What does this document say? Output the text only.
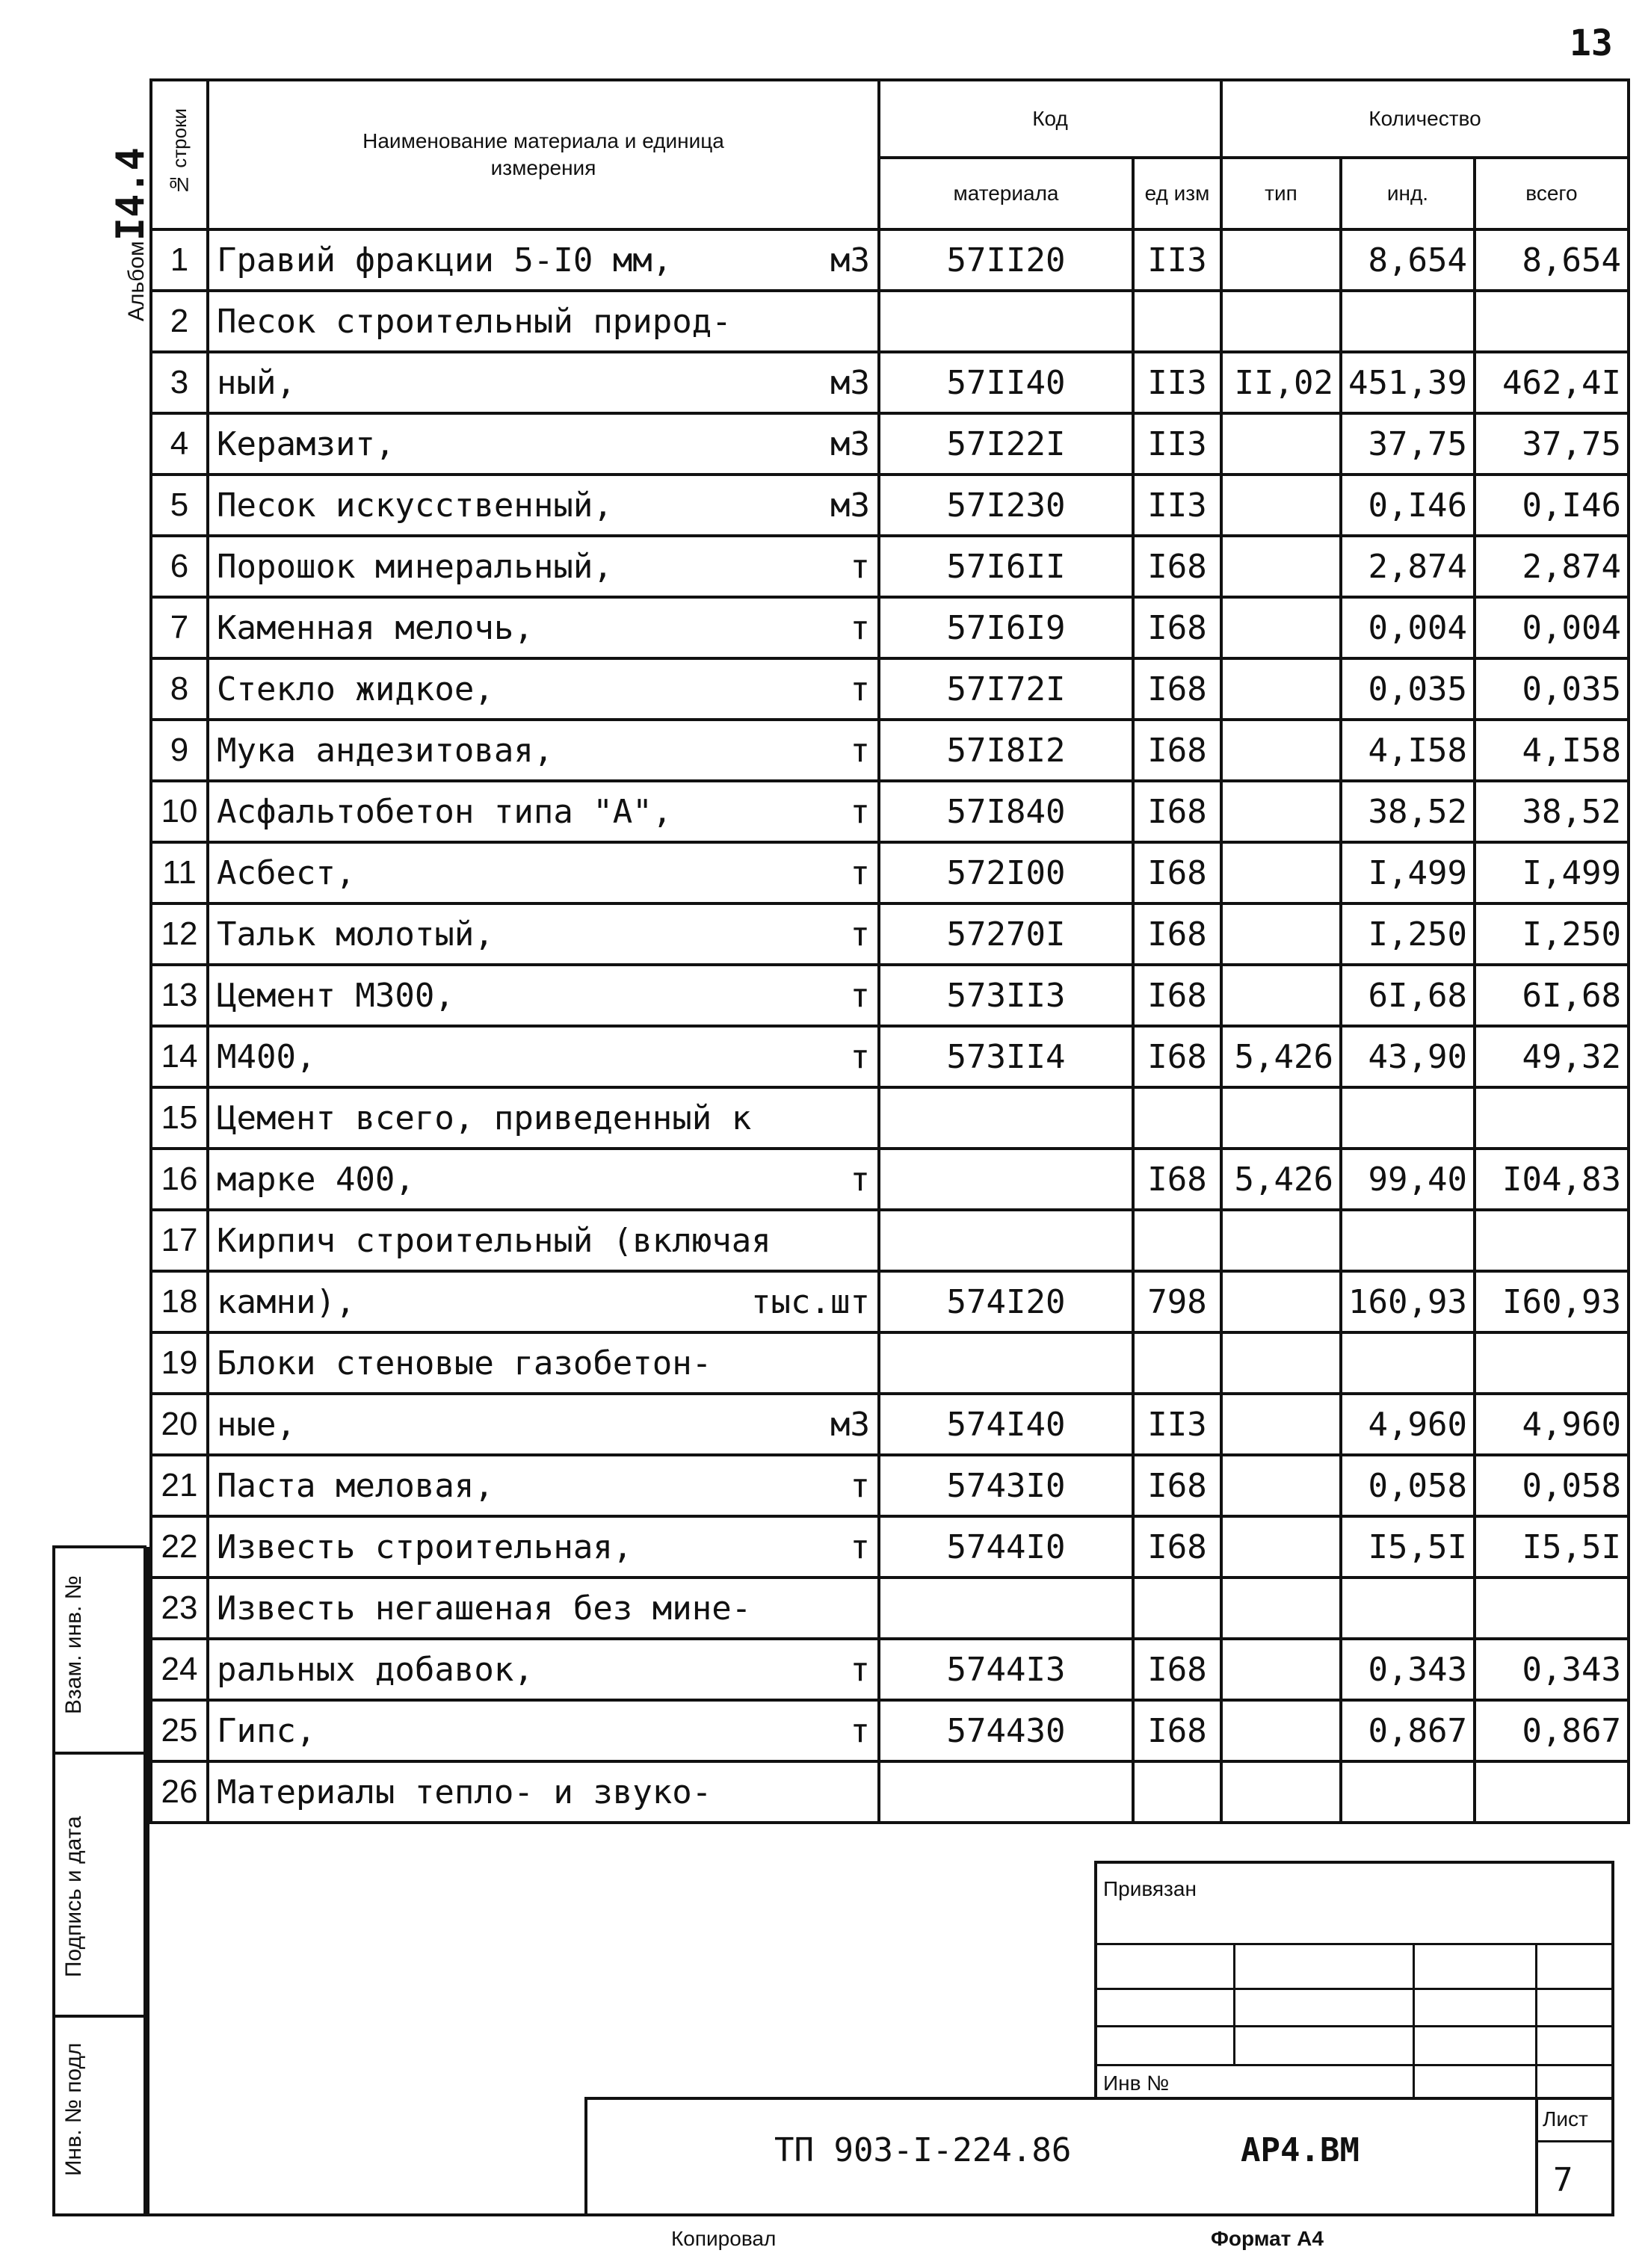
13
АльбомI4.4 № строки	Наименование материала и единица измерения	Код		Количество		
		материала	ед изм	тип	инд.	всего
1	Гравий фракции 5-I0 мм, м3	57II20	II3		8,654	8,654
2	Песок строительный природ-					

3	ный, м3	57II40	II3	II,02	451,39	462,4I
4	Керамзит, м3	57I22I	II3		37,75	37,75
5	Песок искусственный, м3	57I230	II3		0,I46	0,I46
6	Порошок минеральный, т	57I6II	I68		2,874	2,874
7	Каменная мелочь, т	57I6I9	I68		0,004	0,004
8	Стекло жидкое, т	57I72I	I68		0,035	0,035
9	Мука андезитовая, т	57I8I2	I68		4,I58	4,I58
10	Асфальтобетон типа "А", т	57I840	I68		38,52	38,52
11	Асбест, т	572I00	I68		I,499	I,499
12	Тальк молотый, т	57270I	I68		I,250	I,250
13	Цемент М300, т	573II3	I68		6I,68	6I,68
14	М400, т	573II4	I68	5,426	43,90	49,32
15	Цемент всего, приведенный к					

16	марке 400, т		I68	5,426	99,40	I04,83
17	Кирпич строительный (включая					

18	камни), тыс.шт	574I20	798		160,93	I60,93
19	Блоки стеновые газобетон-					

20	ные, м3	574I40	II3		4,960	4,960
21	Паста меловая, т	5743I0	I68		0,058	0,058
22	Известь строительная, т	5744I0	I68		I5,5I	I5,5I
23	Известь негашеная без мине-					

24	ральных добавок, т	5744I3	I68		0,343	0,343
25	Гипс, т	574430	I68		0,867	0,867
26	Материалы тепло- и звуко-					

Взам. инв. №
Подпись и дата
Инв. № подл
Привязан
Инв №
ТП 903-I-224.86	АР4.ВМ
Лист
7
Копировал	Формат А4
